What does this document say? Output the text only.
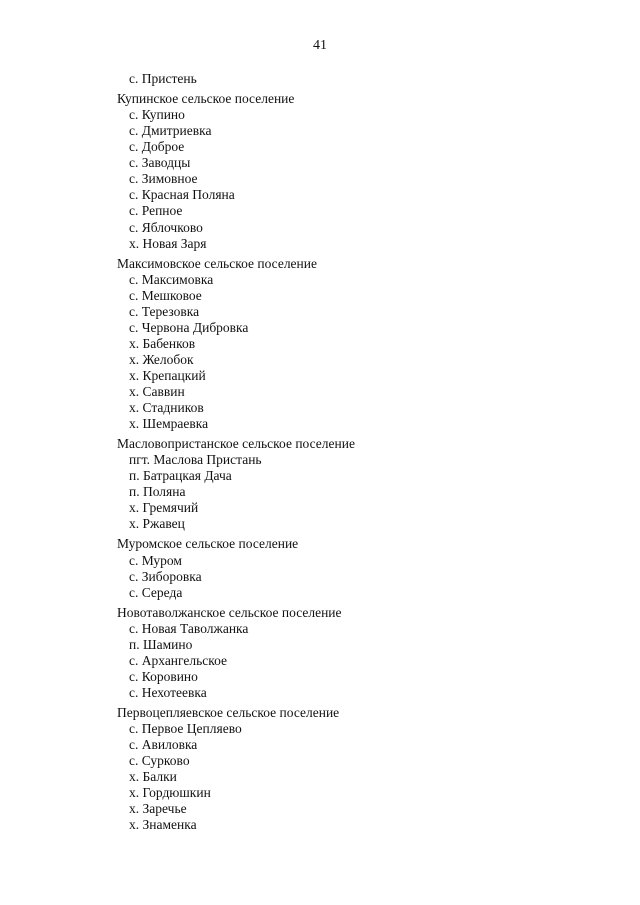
41
с. Пристень
Купинское сельское поселение
с. Купино
с. Дмитриевка
с. Доброе
с. Заводцы
с. Зимовное
с. Красная Поляна
с. Репное
с. Яблочково
х. Новая Заря
Максимовское сельское поселение
с. Максимовка
с. Мешковое
с. Терезовка
с. Червона Дибровка
х. Бабенков
х. Желобок
х. Крепацкий
х. Саввин
х. Стадников
х. Шемраевка
Масловопристанское сельское поселение
пгт. Маслова Пристань
п. Батрацкая Дача
п. Поляна
х. Гремячий
х. Ржавец
Муромское сельское поселение
с. Муром
с. Зиборовка
с. Середа
Новотаволжанское сельское поселение
с. Новая Таволжанка
п. Шамино
с. Архангельское
с. Коровино
с. Нехотеевка
Первоцепляевское сельское поселение
с. Первое Цепляево
с. Авиловка
с. Сурково
х. Балки
х. Гордюшкин
х. Заречье
х. Знаменка
